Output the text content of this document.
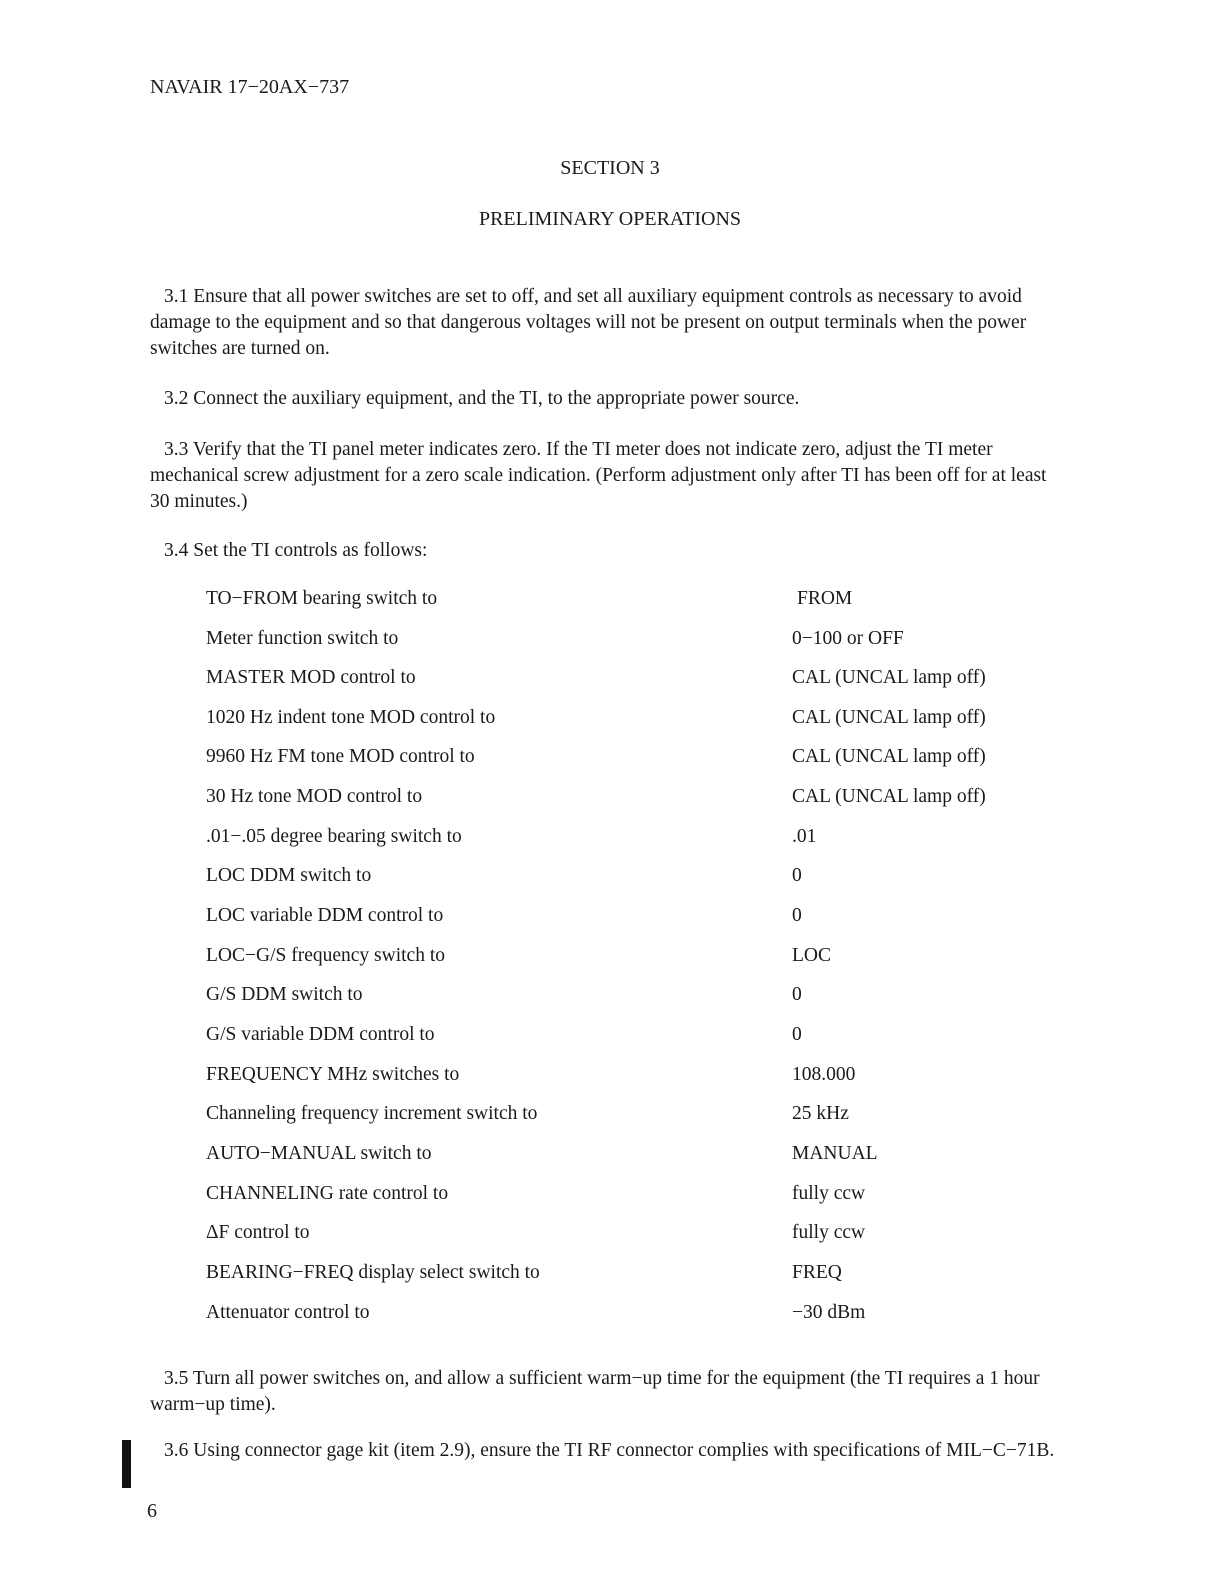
NAVAIR 17−20AX−737
SECTION 3
PRELIMINARY OPERATIONS
3.1 Ensure that all power switches are set to off, and set all auxiliary equipment controls as necessary to avoid damage to the equipment and so that dangerous voltages will not be present on output terminals when the power switches are turned on.
3.2 Connect the auxiliary equipment, and the TI, to the appropriate power source.
3.3 Verify that the TI panel meter indicates zero. If the TI meter does not indicate zero, adjust the TI meter mechanical screw adjustment for a zero scale indication. (Perform adjustment only after TI has been off for at least 30 minutes.)
3.4 Set the TI controls as follows:
TO−FROM bearing switch to	FROM
Meter function switch to	0−100 or OFF
MASTER MOD control to	CAL (UNCAL lamp off)
1020 Hz indent tone MOD control to	CAL (UNCAL lamp off)
9960 Hz FM tone MOD control to	CAL (UNCAL lamp off)
30 Hz tone MOD control to	CAL (UNCAL lamp off)
.01−.05 degree bearing switch to	.01
LOC DDM switch to	0
LOC variable DDM control to	0
LOC−G/S frequency switch to	LOC
G/S DDM switch to	0
G/S variable DDM control to	0
FREQUENCY MHz switches to	108.000
Channeling frequency increment switch to	25 kHz
AUTO−MANUAL switch to	MANUAL
CHANNELING rate control to	fully ccw
ΔF control to	fully ccw
BEARING−FREQ display select switch to	FREQ
Attenuator control to	−30 dBm
3.5 Turn all power switches on, and allow a sufficient warm−up time for the equipment (the TI requires a 1 hour warm−up time).
3.6 Using connector gage kit (item 2.9), ensure the TI RF connector complies with specifications of MIL−C−71B.
6
